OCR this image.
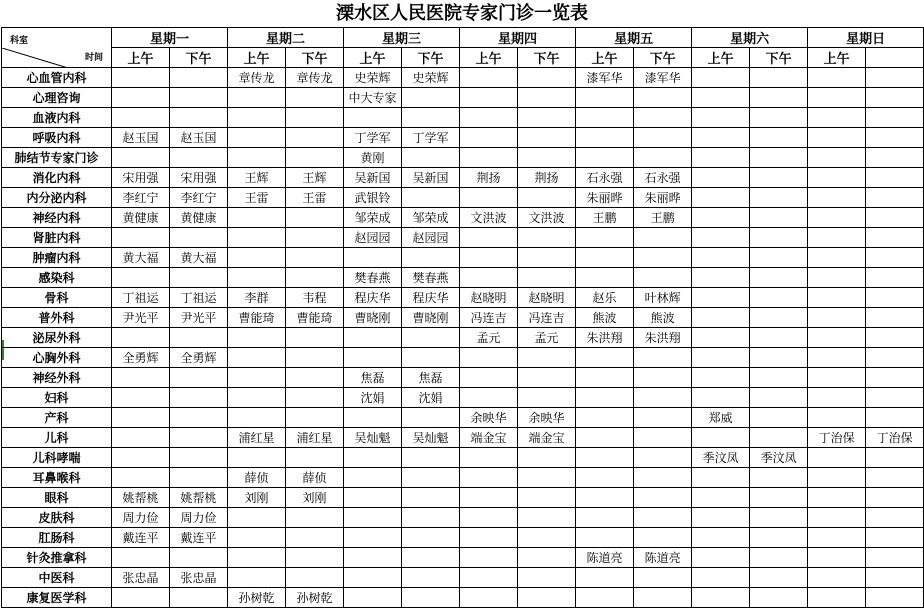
溧水区人民医院专家门诊一览表
时间
科室	星期一		星期二		星期三		星期四		星期五		星期六		星期日	
	上午	下午	上午	下午	上午	下午	上午	下午	上午	下午	上午	下午	上午	
心血管内科			章传龙	章传龙	史荣辉	史荣辉			漆军华	漆军华				
心理咨询					中大专家									
血液内科														
呼吸内科	赵玉国	赵玉国			丁学军	丁学军								
肺结节专家门诊					黄刚									
消化内科	宋用强	宋用强	王辉	王辉	吴新国	吴新国	荆扬	荆扬	石永强	石永强				
内分泌内科	李红宁	李红宁	王雷	王雷	武银铃				朱丽晔	朱丽晔				
神经内科	黄健康	黄健康			邹荣成	邹荣成	文洪波	文洪波	王鹏	王鹏				
肾脏内科					赵园园	赵园园								
肿瘤内科	黄大福	黄大福												
感染科					樊春燕	樊春燕								
骨科	丁祖运	丁祖运	李群	韦程	程庆华	程庆华	赵晓明	赵晓明	赵乐	叶林辉				
普外科	尹光平	尹光平	曹能琦	曹能琦	曹晓刚	曹晓刚	冯连吉	冯连吉	熊波	熊波				
泌尿外科							孟元	孟元	朱洪翔	朱洪翔				
心胸外科	全勇辉	全勇辉												
神经外科					焦磊	焦磊								
妇科					沈娟	沈娟								
产科							余映华	余映华			郑威			
儿科			浦红星	浦红星	吴灿魁	吴灿魁	端金宝	端金宝					丁治保	丁治保
儿科哮喘											季汶凤	季汶凤		
耳鼻喉科			薛侦	薛侦										
眼科	姚帮桃	姚帮桃	刘刚	刘刚										
皮肤科	周力俭	周力俭												
肛肠科	戴连平	戴连平												
针灸推拿科									陈道亮	陈道亮				
中医科	张忠晶	张忠晶												
康复医学科			孙树乾	孙树乾										
